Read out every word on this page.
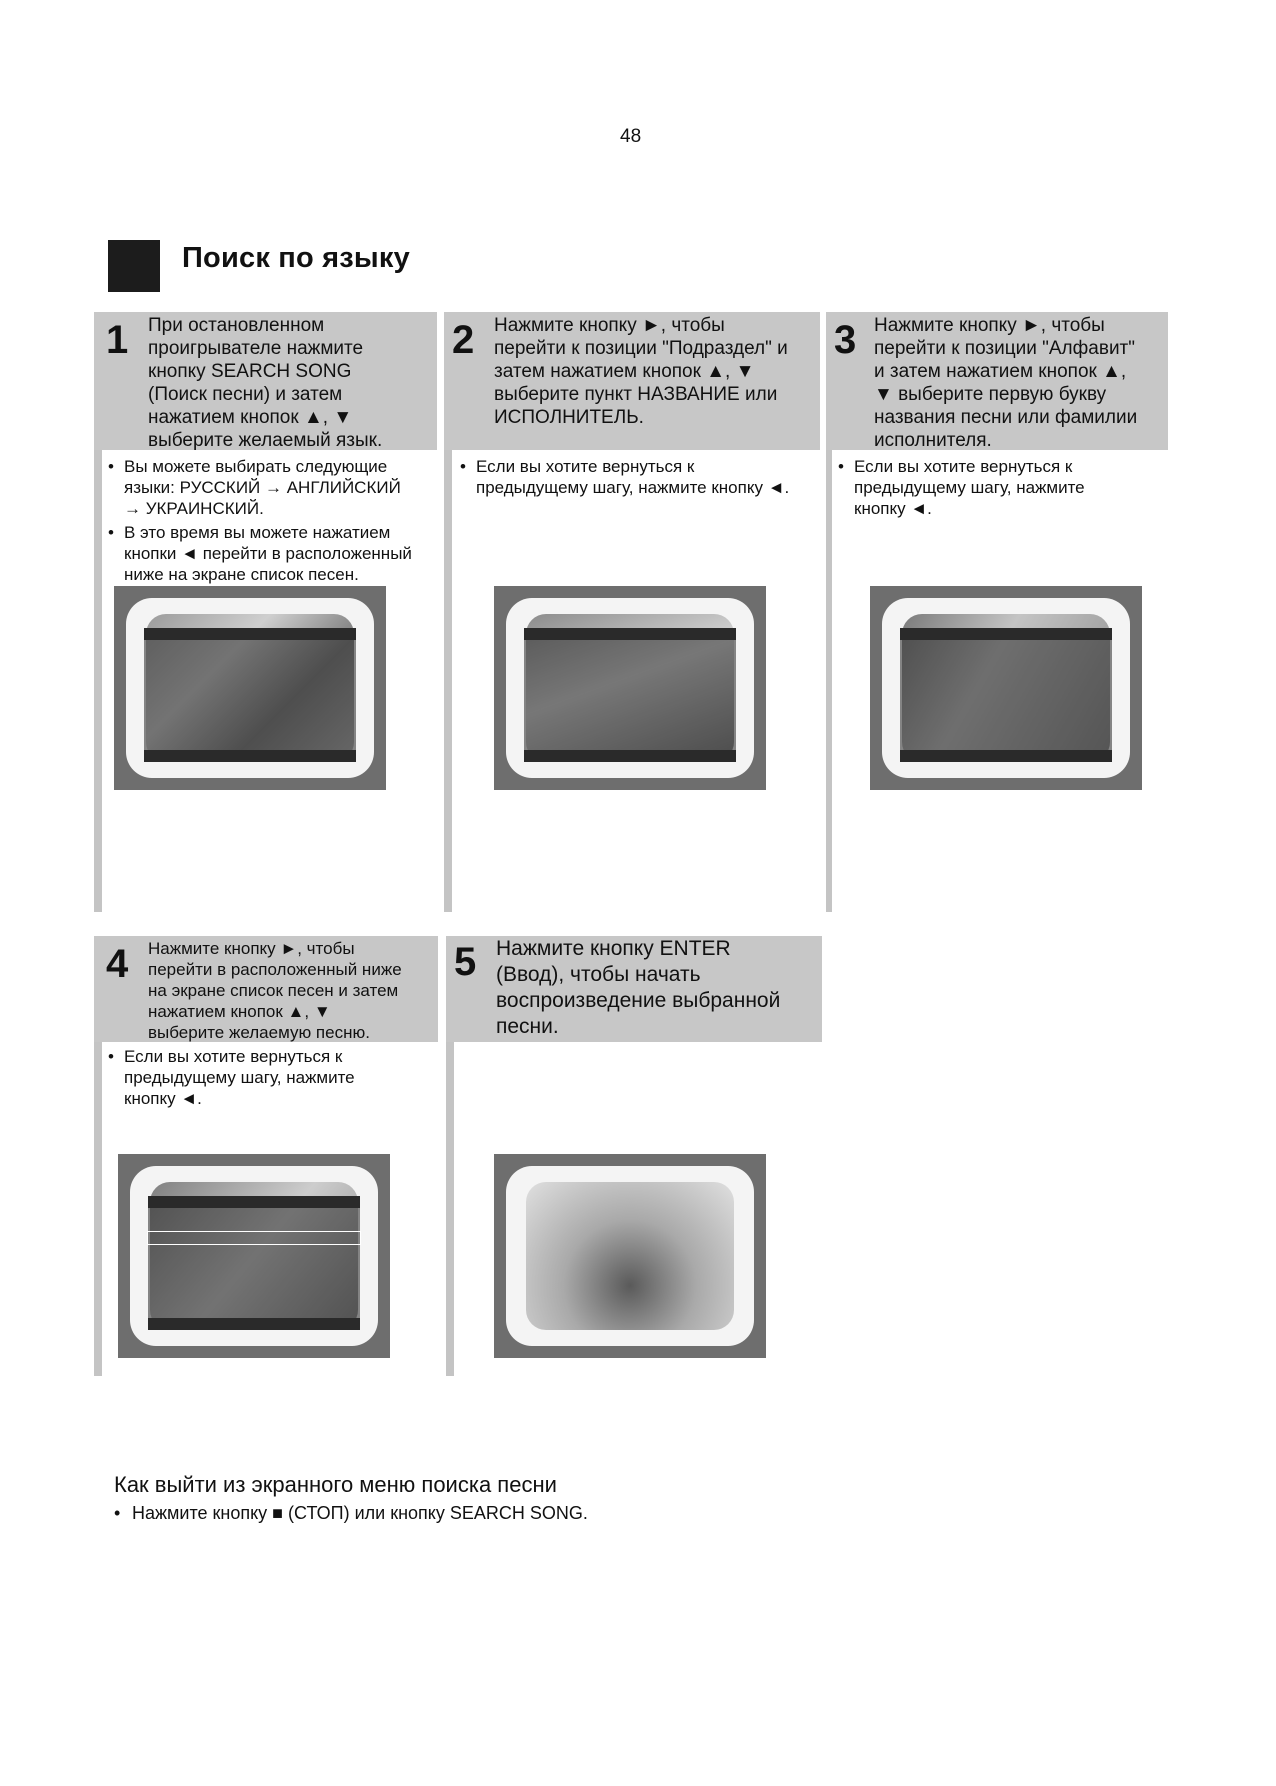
48
Поиск по языку
1 При остановленном
проигрывателе нажмите
кнопку SEARCH SONG
(Поиск песни) и затем
нажатием кнопок ▲, ▼
выберите желаемый язык.
• Вы можете выбирать следующие
языки: РУССКИЙ → АНГЛИЙСКИЙ
→ УКРАИНСКИЙ.
• В это время вы можете нажатием
кнопки ◄ перейти в расположенный
ниже на экране список песен.
2 Нажмите кнопку ►, чтобы
перейти к позиции "Подраздел" и
затем нажатием кнопок ▲, ▼
выберите пункт НАЗВАНИЕ или
ИСПОЛНИТЕЛЬ.
• Если вы хотите вернуться к
предыдущему шагу, нажмите кнопку ◄.
3 Нажмите кнопку ►, чтобы
перейти к позиции "Алфавит"
и затем нажатием кнопок ▲,
▼ выберите первую букву
названия песни или фамилии
исполнителя.
• Если вы хотите вернуться к
предыдущему шагу, нажмите
кнопку ◄.
4 Нажмите кнопку ►, чтобы
перейти в расположенный ниже
на экране список песен и затем
нажатием кнопок ▲, ▼
выберите желаемую песню.
• Если вы хотите вернуться к
предыдущему шагу, нажмите
кнопку ◄.
5 Нажмите кнопку ENTER
(Ввод), чтобы начать
воспроизведение выбранной
песни.
Как выйти из экранного меню поиска песни
• Нажмите кнопку ■ (СТОП) или кнопку SEARCH SONG.
